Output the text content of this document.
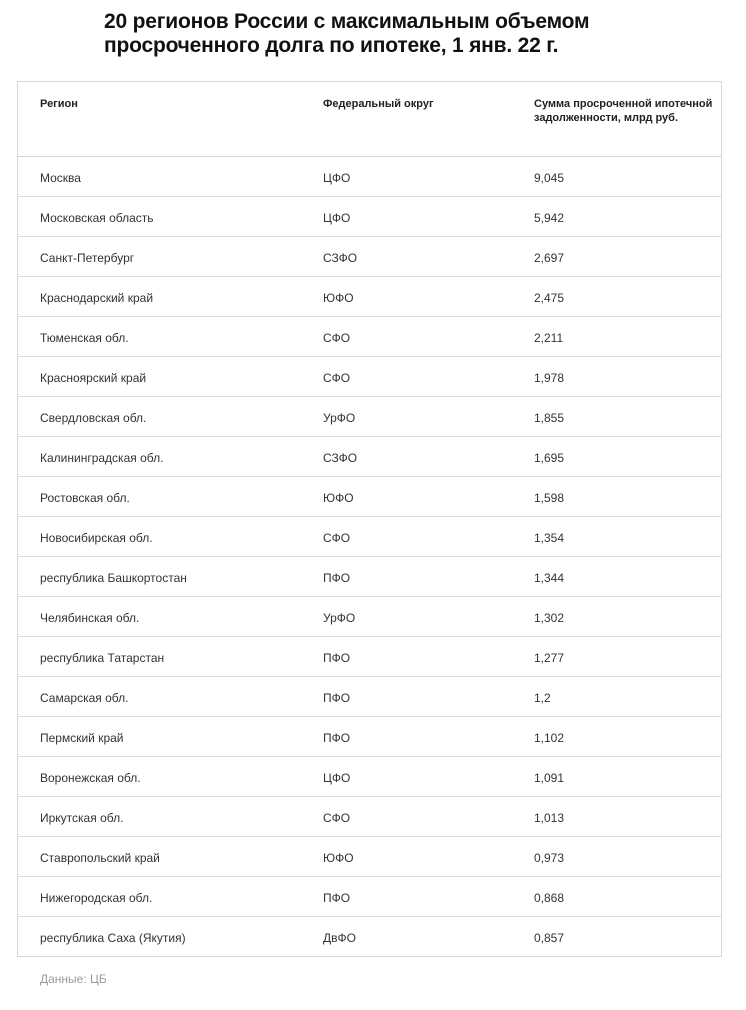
20 регионов России с максимальным объемом просроченного долга по ипотеке, 1 янв. 22 г.
Регион	Федеральный округ	Сумма просроченной ипотечной задолженности, млрд руб.
Москва	ЦФО	9,045
Московская область	ЦФО	5,942
Санкт-Петербург	СЗФО	2,697
Краснодарский край	ЮФО	2,475
Тюменская обл.	СФО	2,211
Красноярский край	СФО	1,978
Свердловская обл.	УрФО	1,855
Калининградская обл.	СЗФО	1,695
Ростовская обл.	ЮФО	1,598
Новосибирская обл.	СФО	1,354
республика Башкортостан	ПФО	1,344
Челябинская обл.	УрФО	1,302
республика Татарстан	ПФО	1,277
Самарская обл.	ПФО	1,2
Пермский край	ПФО	1,102
Воронежская обл.	ЦФО	1,091
Иркутская обл.	СФО	1,013
Ставропольский край	ЮФО	0,973
Нижегородская обл.	ПФО	0,868
республика Саха (Якутия)	ДвФО	0,857
Данные: ЦБ
